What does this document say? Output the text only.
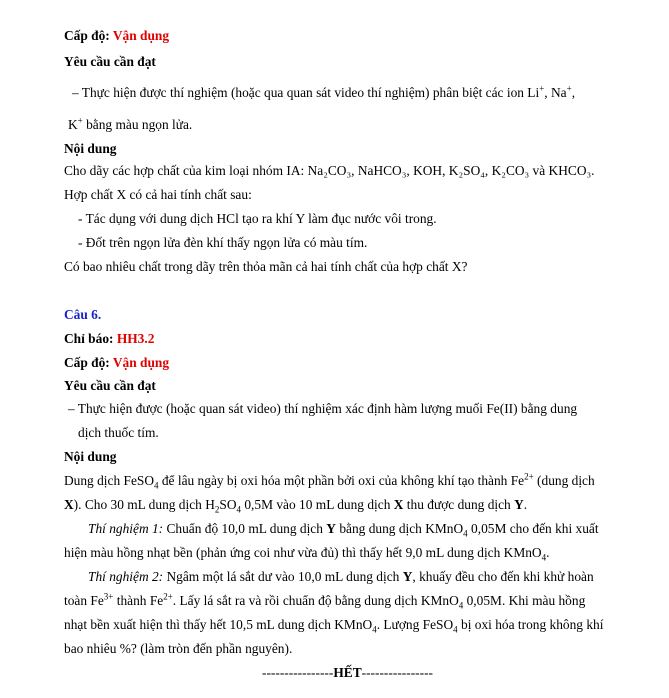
Cấp độ: Vận dụng
Yêu cầu cần đạt
– Thực hiện được thí nghiệm (hoặc qua quan sát video thí nghiệm) phân biệt các ion Li+, Na+,
K+ bằng màu ngọn lửa.
Nội dung
Cho dãy các hợp chất của kim loại nhóm IA: Na₂CO₃, NaHCO₃, KOH, K₂SO₄, K₂CO₃ và KHCO₃.
Hợp chất X có cả hai tính chất sau:
- Tác dụng với dung dịch HCl tạo ra khí Y làm đục nước vôi trong.
- Đốt trên ngọn lửa đèn khí thấy ngọn lửa có màu tím.
Có bao nhiêu chất trong dãy trên thỏa mãn cả hai tính chất của hợp chất X?
Câu 6.
Chỉ báo: HH3.2
Cấp độ: Vận dụng
Yêu cầu cần đạt
– Thực hiện được (hoặc quan sát video) thí nghiệm xác định hàm lượng muối Fe(II) bằng dung
dịch thuốc tím.
Nội dung
Dung dịch FeSO$_4$ để lâu ngày bị oxi hóa một phần bởi oxi của không khí tạo thành $Fe^{2+}$ (dung dịch
X). Cho 30 mL dung dịch $H_2SO_4$ 0,5M vào 10 mL dung dịch X thu được dung dịch Y.
Thí nghiệm 1: Chuẩn độ 10,0 mL dung dịch Y bằng dung dịch KMnO$_4$ 0,05M cho đến khi xuất
hiện màu hồng nhạt bền (phản ứng coi như vừa đủ) thì thấy hết 9,0 mL dung dịch KMnO$_4$.
Thí nghiệm 2: Ngâm một lá sắt dư vào 10,0 mL dung dịch Y, khuấy đều cho đến khi khử hoàn
toàn $Fe^{3+}$ thành $Fe^{2+}$. Lấy lá sắt ra và rồi chuẩn độ bằng dung dịch KMnO$_4$ 0,05M. Khi màu hồng
nhạt bền xuất hiện thì thấy hết 10,5 mL dung dịch KMnO$_4$. Lượng FeSO$_4$ bị oxi hóa trong không khí
bao nhiêu %? (làm tròn đến phần nguyên).
----------------HẾT----------------
